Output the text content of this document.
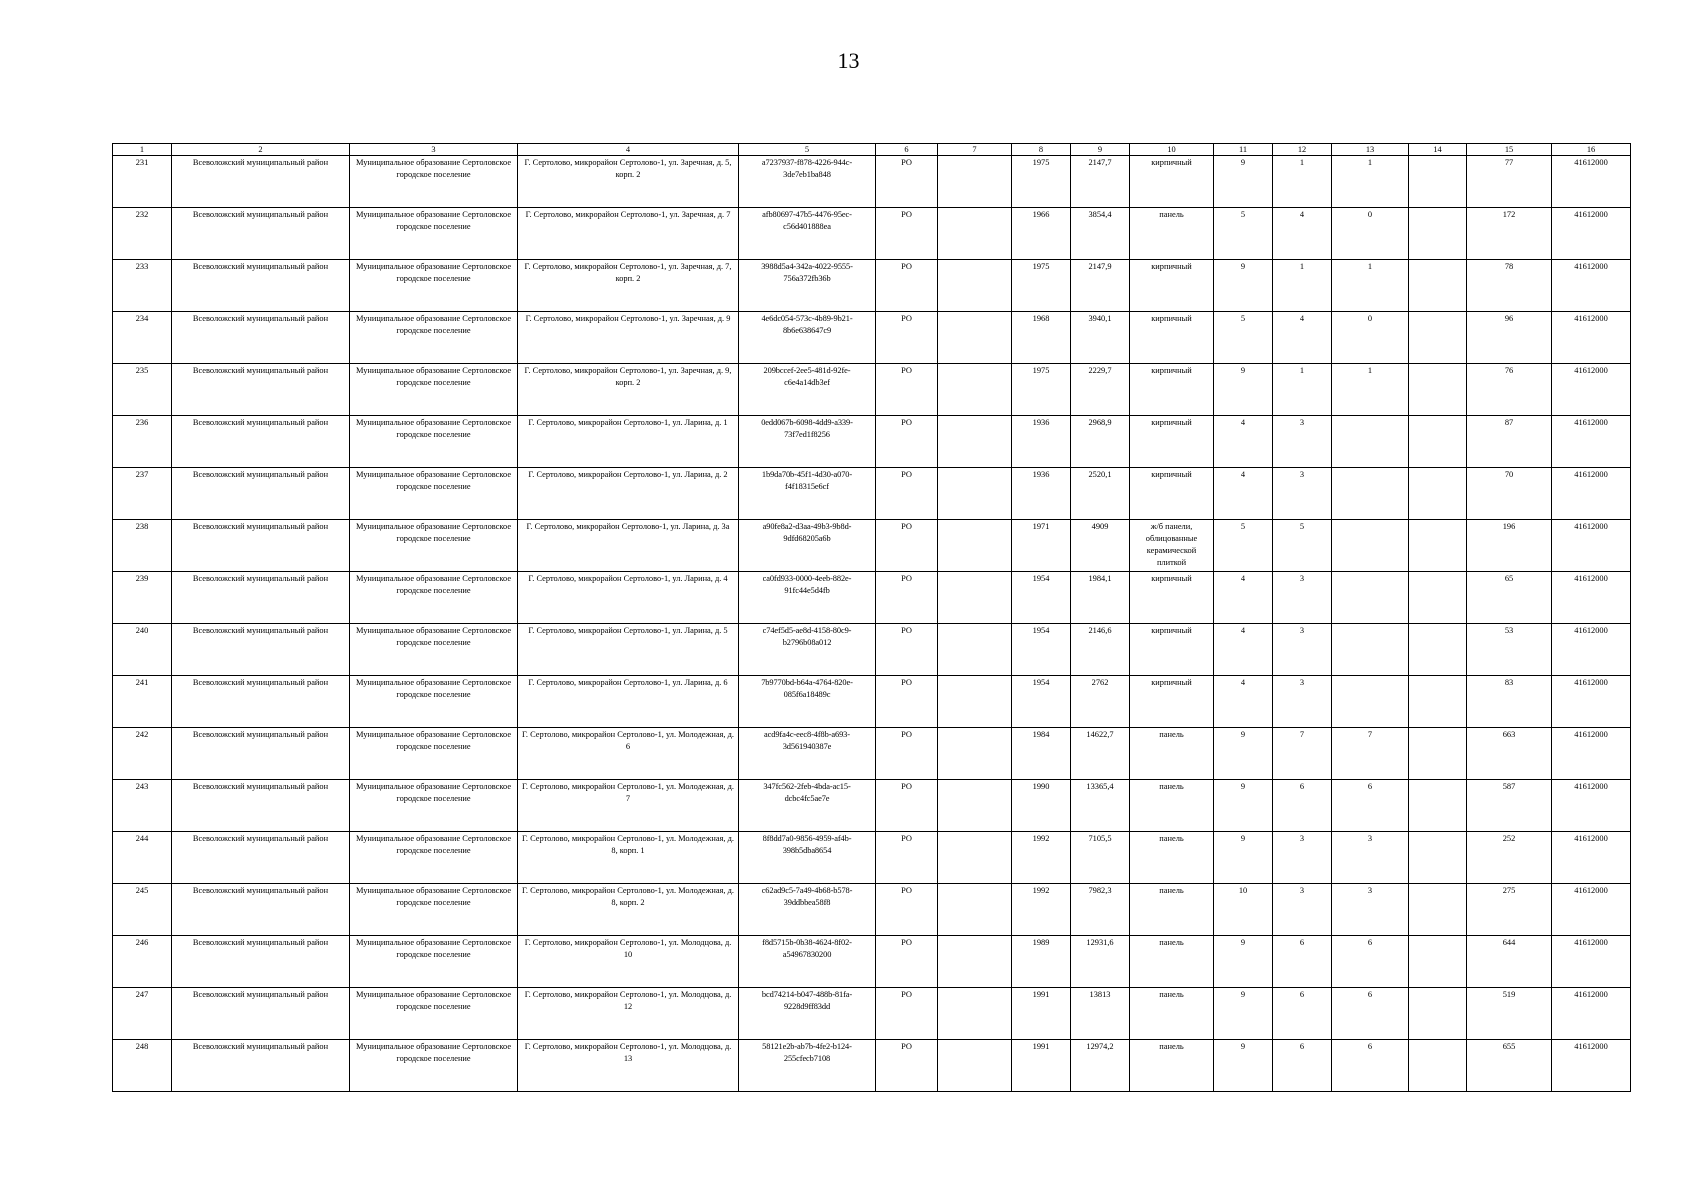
13
1	2	3	4	5	6	7	8	9	10	11	12	13	14	15	16
231	Всеволожский муниципальный район	Муниципальное образование Сертоловское городское поселение	Г. Сертолово, микрорайон Сертолово-1, ул. Заречная, д. 5, корп. 2	a7237937-f878-4226-944c-3de7eb1ba848	РО		1975	2147,7	кирпичный	9	1	1		77	41612000
232	Всеволожский муниципальный район	Муниципальное образование Сертоловское городское поселение	Г. Сертолово, микрорайон Сертолово-1, ул. Заречная, д. 7	afb80697-47b5-4476-95ec-c56d401888ea	РО		1966	3854,4	панель	5	4	0		172	41612000
233	Всеволожский муниципальный район	Муниципальное образование Сертоловское городское поселение	Г. Сертолово, микрорайон Сертолово-1, ул. Заречная, д. 7, корп. 2	3988d5a4-342a-4022-9555-756a372fb36b	РО		1975	2147,9	кирпичный	9	1	1		78	41612000
234	Всеволожский муниципальный район	Муниципальное образование Сертоловское городское поселение	Г. Сертолово, микрорайон Сертолово-1, ул. Заречная, д. 9	4e6dc054-573c-4b89-9b21-8b6e638647c9	РО		1968	3940,1	кирпичный	5	4	0		96	41612000
235	Всеволожский муниципальный район	Муниципальное образование Сертоловское городское поселение	Г. Сертолово, микрорайон Сертолово-1, ул. Заречная, д. 9, корп. 2	209bccef-2ee5-481d-92fe-c6e4a14db3ef	РО		1975	2229,7	кирпичный	9	1	1		76	41612000
236	Всеволожский муниципальный район	Муниципальное образование Сертоловское городское поселение	Г. Сертолово, микрорайон Сертолово-1, ул. Ларина, д. 1	0edd067b-6098-4dd9-a339-73f7ed1f8256	РО		1936	2968,9	кирпичный	4	3			87	41612000
237	Всеволожский муниципальный район	Муниципальное образование Сертоловское городское поселение	Г. Сертолово, микрорайон Сертолово-1, ул. Ларина, д. 2	1b9da70b-45f1-4d30-a070-f4f18315e6cf	РО		1936	2520,1	кирпичный	4	3			70	41612000
238	Всеволожский муниципальный район	Муниципальное образование Сертоловское городское поселение	Г. Сертолово, микрорайон Сертолово-1, ул. Ларина, д. 3а	a90fe8a2-d3aa-49b3-9b8d-9dfd68205a6b	РО		1971	4909	ж/б панели, облицованные керамической плиткой	5	5			196	41612000
239	Всеволожский муниципальный район	Муниципальное образование Сертоловское городское поселение	Г. Сертолово, микрорайон Сертолово-1, ул. Ларина, д. 4	ca0fd933-0000-4eeb-882e-91fc44e5d4fb	РО		1954	1984,1	кирпичный	4	3			65	41612000
240	Всеволожский муниципальный район	Муниципальное образование Сертоловское городское поселение	Г. Сертолово, микрорайон Сертолово-1, ул. Ларина, д. 5	c74ef5d5-ae8d-4158-80c9-b2796b08a012	РО		1954	2146,6	кирпичный	4	3			53	41612000
241	Всеволожский муниципальный район	Муниципальное образование Сертоловское городское поселение	Г. Сертолово, микрорайон Сертолово-1, ул. Ларина, д. 6	7b9770bd-b64a-4764-820e-085f6a18489c	РО		1954	2762	кирпичный	4	3			83	41612000
242	Всеволожский муниципальный район	Муниципальное образование Сертоловское городское поселение	Г. Сертолово, микрорайон Сертолово-1, ул. Молодежная, д. 6	acd9fa4c-eec8-4f8b-a693-3d561940387e	РО		1984	14622,7	панель	9	7	7		663	41612000
243	Всеволожский муниципальный район	Муниципальное образование Сертоловское городское поселение	Г. Сертолово, микрорайон Сертолово-1, ул. Молодежная, д. 7	347fc562-2feb-4bda-ac15-dcbc4fc5ae7e	РО		1990	13365,4	панель	9	6	6		587	41612000
244	Всеволожский муниципальный район	Муниципальное образование Сертоловское городское поселение	Г. Сертолово, микрорайон Сертолово-1, ул. Молодежная, д. 8, корп. 1	8f8dd7a0-9856-4959-af4b-398b5dba8654	РО		1992	7105,5	панель	9	3	3		252	41612000
245	Всеволожский муниципальный район	Муниципальное образование Сертоловское городское поселение	Г. Сертолово, микрорайон Сертолово-1, ул. Молодежная, д. 8, корп. 2	c62ad9c5-7a49-4b68-b578-39ddbbea58f8	РО		1992	7982,3	панель	10	3	3		275	41612000
246	Всеволожский муниципальный район	Муниципальное образование Сертоловское городское поселение	Г. Сертолово, микрорайон Сертолово-1, ул. Молодцова, д. 10	f8d5715b-0b38-4624-8f02-a54967830200	РО		1989	12931,6	панель	9	6	6		644	41612000
247	Всеволожский муниципальный район	Муниципальное образование Сертоловское городское поселение	Г. Сертолово, микрорайон Сертолово-1, ул. Молодцова, д. 12	bcd74214-b047-488b-81fa-9228d9ff83dd	РО		1991	13813	панель	9	6	6		519	41612000
248	Всеволожский муниципальный район	Муниципальное образование Сертоловское городское поселение	Г. Сертолово, микрорайон Сертолово-1, ул. Молодцова, д. 13	58121e2b-ab7b-4fe2-b124-255cfecb7108	РО		1991	12974,2	панель	9	6	6		655	41612000
